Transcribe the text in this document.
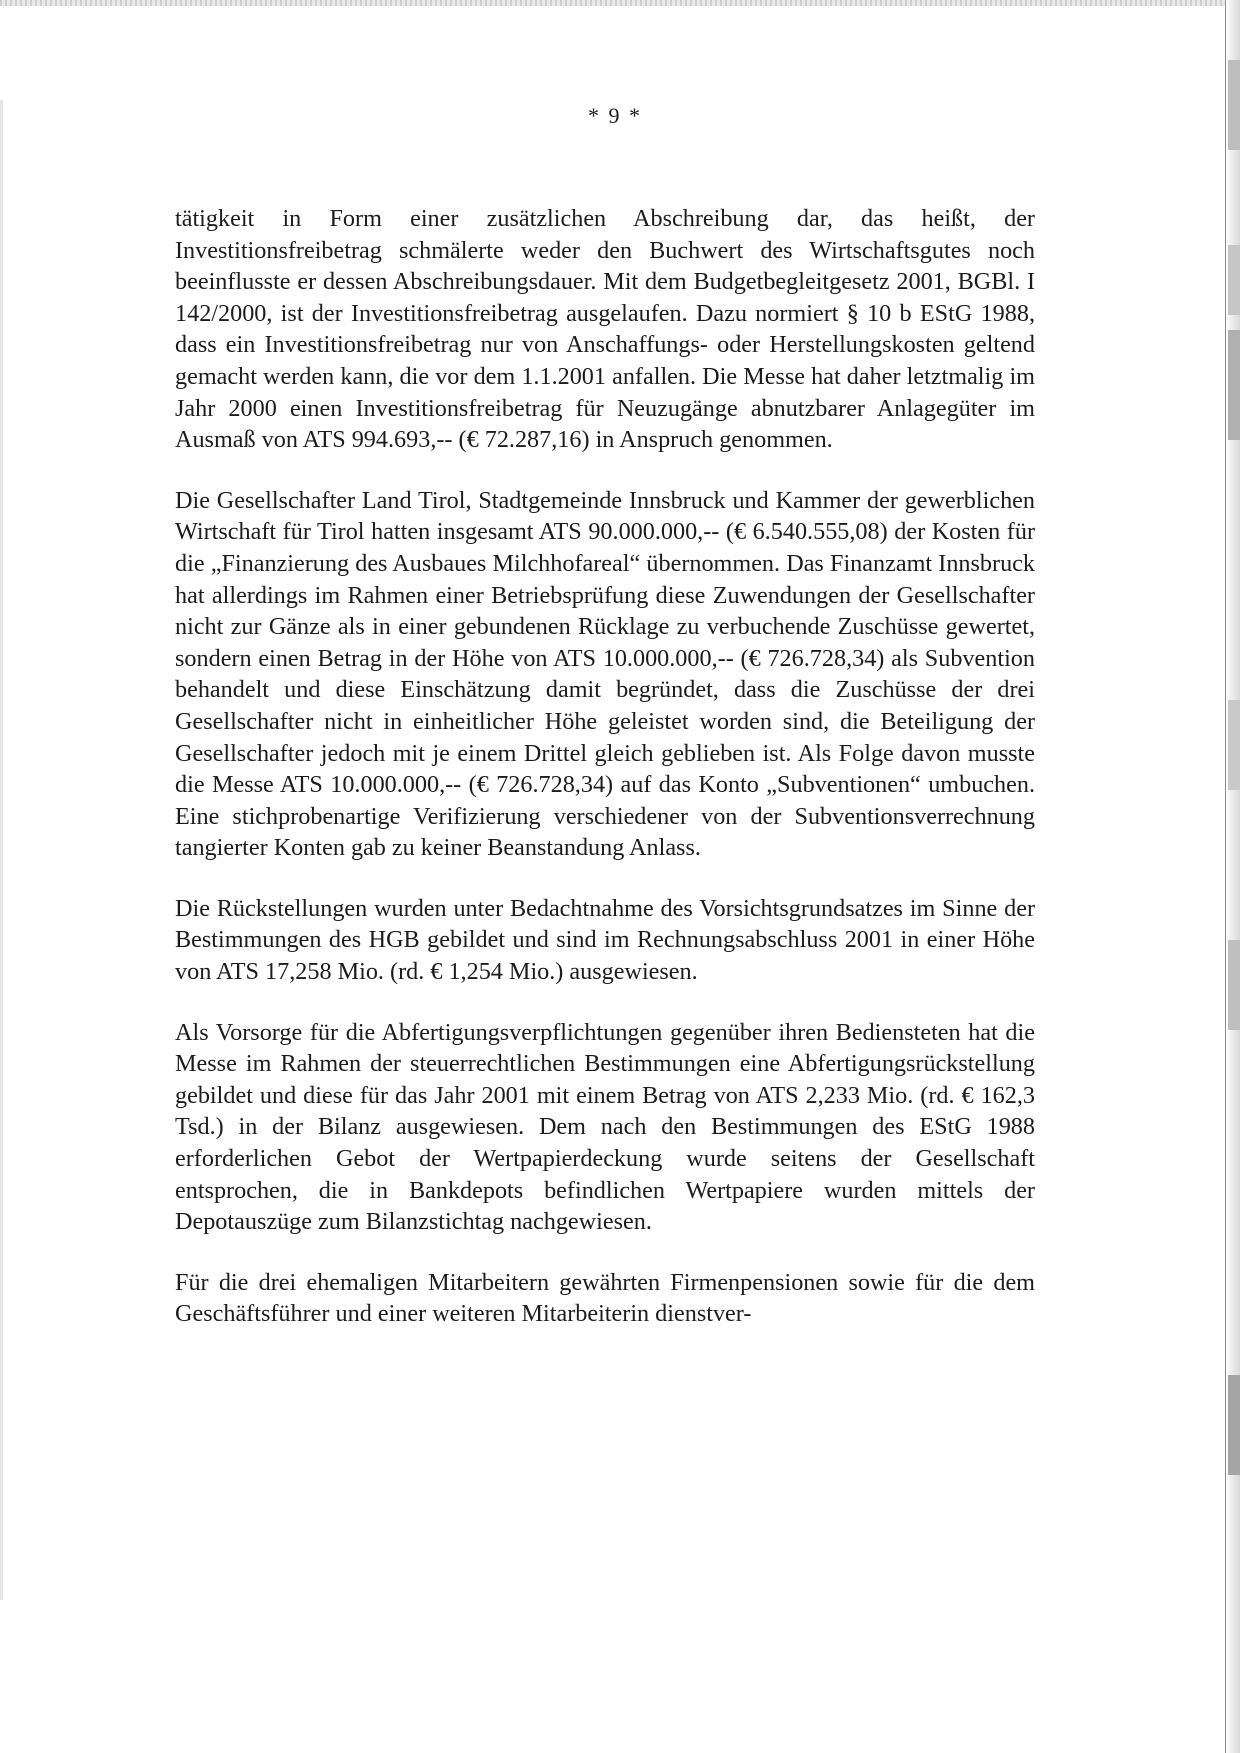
* 9 *

tätigkeit in Form einer zusätzlichen Abschreibung dar, das heißt, der Investitionsfreibetrag schmälerte weder den Buchwert des Wirtschaftsgutes noch beeinflusste er dessen Abschreibungsdauer. Mit dem Budgetbegleitgesetz 2001, BGBl. I 142/2000, ist der Investitionsfreibetrag ausgelaufen. Dazu normiert § 10 b EStG 1988, dass ein Investitionsfreibetrag nur von Anschaffungs- oder Herstellungskosten geltend gemacht werden kann, die vor dem 1.1.2001 anfallen. Die Messe hat daher letztmalig im Jahr 2000 einen Investitionsfreibetrag für Neuzugänge abnutzbarer Anlagegüter im Ausmaß von ATS 994.693,-- (€ 72.287,16) in Anspruch genommen.

Die Gesellschafter Land Tirol, Stadtgemeinde Innsbruck und Kammer der gewerblichen Wirtschaft für Tirol hatten insgesamt ATS 90.000.000,-- (€ 6.540.555,08) der Kosten für die „Finanzierung des Ausbaues Milchhofareal“ übernommen. Das Finanzamt Innsbruck hat allerdings im Rahmen einer Betriebsprüfung diese Zuwendungen der Gesellschafter nicht zur Gänze als in einer gebundenen Rücklage zu verbuchende Zuschüsse gewertet, sondern einen Betrag in der Höhe von ATS 10.000.000,-- (€ 726.728,34) als Subvention behandelt und diese Einschätzung damit begründet, dass die Zuschüsse der drei Gesellschafter nicht in einheitlicher Höhe geleistet worden sind, die Beteiligung der Gesellschafter jedoch mit je einem Drittel gleich geblieben ist. Als Folge davon musste die Messe ATS 10.000.000,-- (€ 726.728,34) auf das Konto „Subventionen“ umbuchen. Eine stichprobenartige Verifizierung verschiedener von der Subventionsverrechnung tangierter Konten gab zu keiner Beanstandung Anlass.

Die Rückstellungen wurden unter Bedachtnahme des Vorsichtsgrundsatzes im Sinne der Bestimmungen des HGB gebildet und sind im Rechnungsabschluss 2001 in einer Höhe von ATS 17,258 Mio. (rd. € 1,254 Mio.) ausgewiesen.

Als Vorsorge für die Abfertigungsverpflichtungen gegenüber ihren Bediensteten hat die Messe im Rahmen der steuerrechtlichen Bestimmungen eine Abfertigungsrückstellung gebildet und diese für das Jahr 2001 mit einem Betrag von ATS 2,233 Mio. (rd. € 162,3 Tsd.) in der Bilanz ausgewiesen. Dem nach den Bestimmungen des EStG 1988 erforderlichen Gebot der Wertpapierdeckung wurde seitens der Gesellschaft entsprochen, die in Bankdepots befindlichen Wertpapiere wurden mittels der Depotauszüge zum Bilanzstichtag nachgewiesen.

Für die drei ehemaligen Mitarbeitern gewährten Firmenpensionen sowie für die dem Geschäftsführer und einer weiteren Mitarbeiterin dienstver-
